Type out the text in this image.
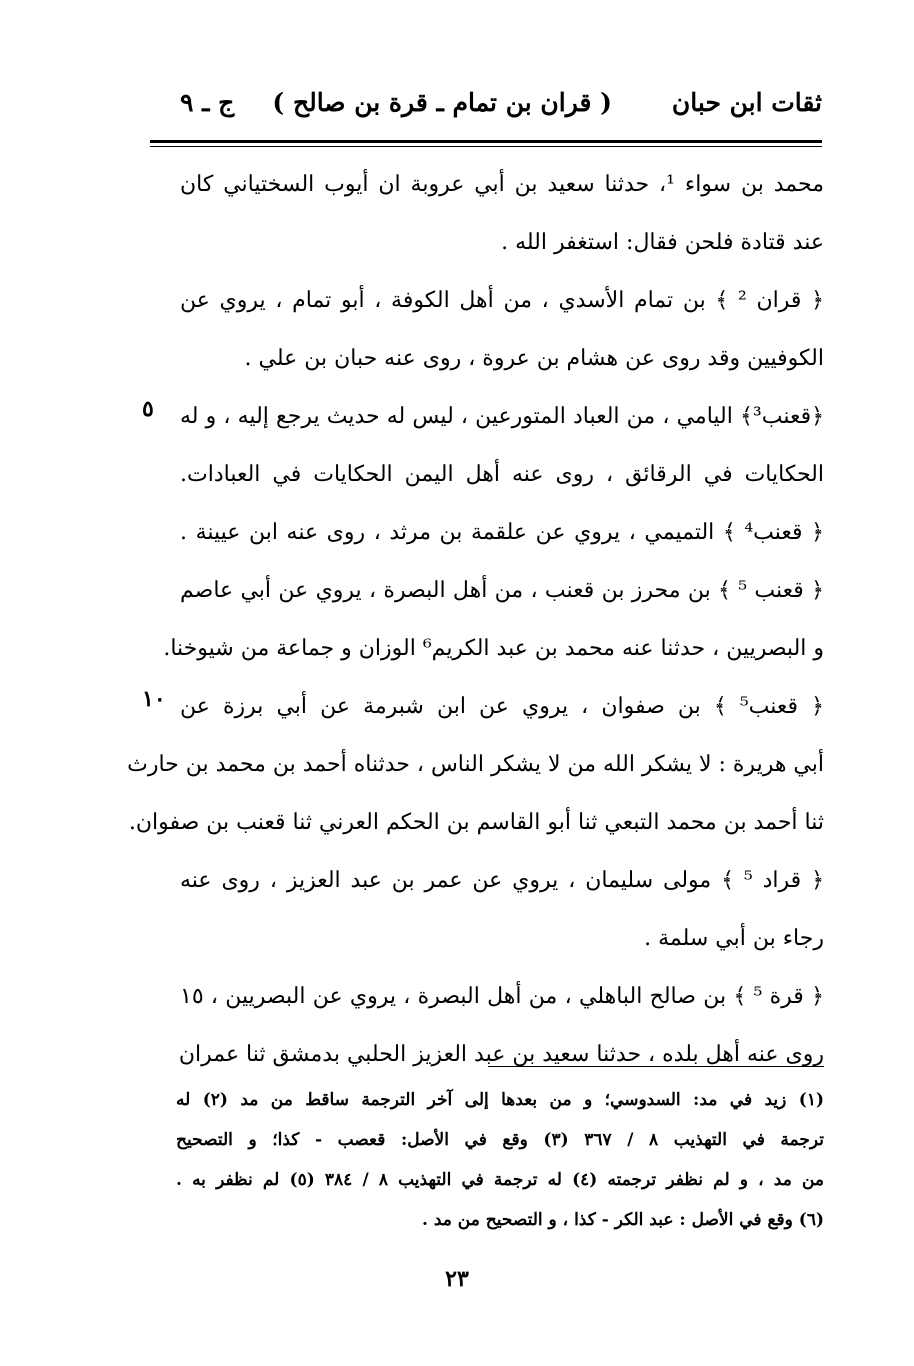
ثقات ابن حبان
( قران بن تمام ـ قرة بن صالح )
ج ـ ٩
محمد بن سواء ¹، حدثنا سعيد بن أبي عروبة ان أيوب السختياني كان
عند قتادة فلحن فقال: استغفر الله .
﴿ قران ² ﴾ بن تمام الأسدي ، من أهل الكوفة ، أبو تمام ، يروي عن
الكوفيين وقد روى عن هشام بن عروة ، روى عنه حبان بن علي .
﴿قعنب³﴾ اليامي ، من العباد المتورعين ، ليس له حديث يرجع إليه ، و له
الحكايات في الرقائق ، روى عنه أهل اليمن الحكايات في العبادات.
﴿ قعنب⁴ ﴾ التميمي ، يروي عن علقمة بن مرثد ، روى عنه ابن عيينة .
﴿ قعنب ⁵ ﴾ بن محرز بن قعنب ، من أهل البصرة ، يروي عن أبي عاصم
و البصريين ، حدثنا عنه محمد بن عبد الكريم⁶ الوزان و جماعة من شيوخنا.
﴿ قعنب⁵ ﴾ بن صفوان ، يروي عن ابن شبرمة عن أبي برزة عن
أبي هريرة : لا يشكر الله من لا يشكر الناس ، حدثناه أحمد بن محمد بن حارث
ثنا أحمد بن محمد التبعي ثنا أبو القاسم بن الحكم العرني ثنا قعنب بن صفوان.
﴿ قراد ⁵ ﴾ مولى سليمان ، يروي عن عمر بن عبد العزيز ، روى عنه
رجاء بن أبي سلمة .
﴿ قرة ⁵ ﴾ بن صالح الباهلي ، من أهل البصرة ، يروي عن البصريين ، ١٥
روى عنه أهل بلده ، حدثنا سعيد بن عبد العزيز الحلبي بدمشق ثنا عمران
٥
١٠
(١) زيد في مد: السدوسي؛ و من بعدها إلى آخر الترجمة ساقط من مد (٢) له
ترجمة في التهذيب ٨ / ٣٦٧ (٣) وقع في الأصل: قعصب - كذا؛ و التصحيح
من مد ، و لم نظفر ترجمته (٤) له ترجمة في التهذيب ٨ / ٣٨٤ (٥) لم نظفر به .
(٦) وقع في الأصل : عبد الكر - كذا ، و التصحيح من مد .
٢٣
